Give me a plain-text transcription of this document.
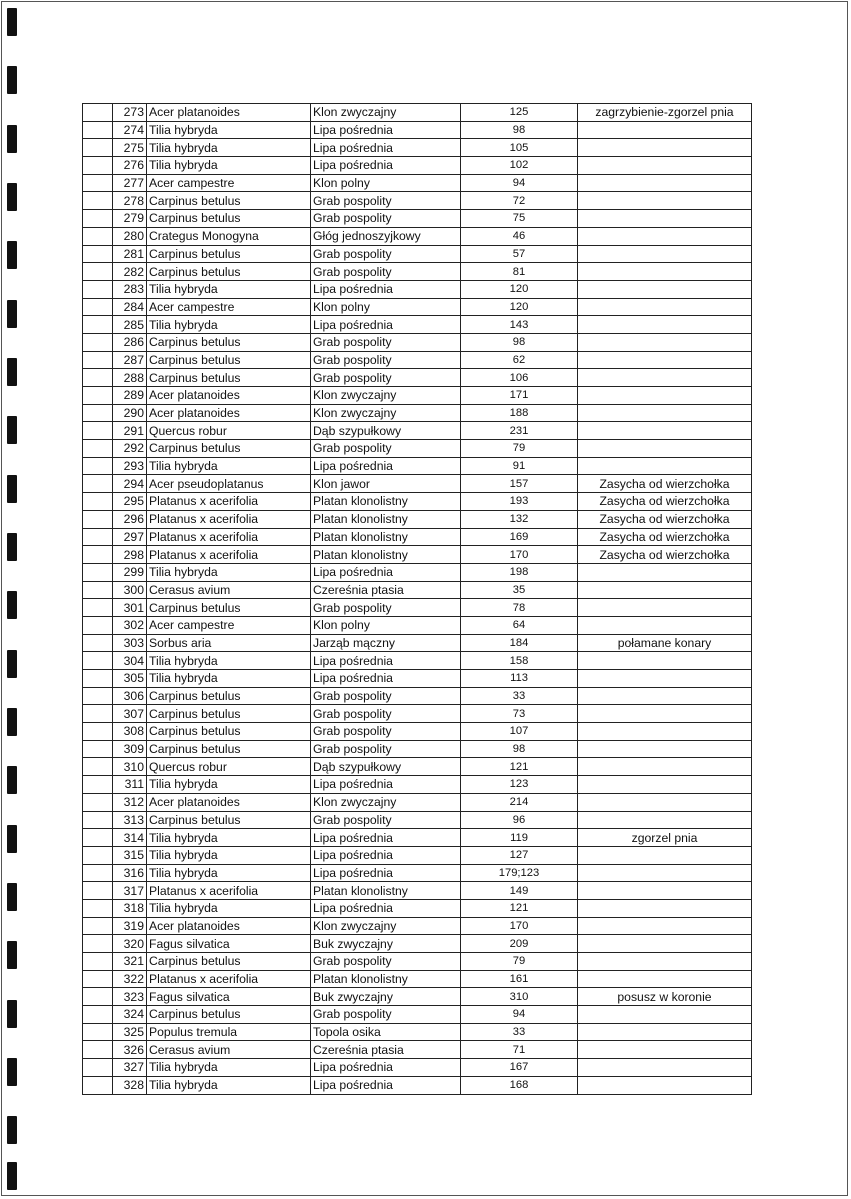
	273	Acer platanoides	Klon zwyczajny	125	zagrzybienie-zgorzel pnia
	274	Tilia hybryda	Lipa pośrednia	98	
	275	Tilia hybryda	Lipa pośrednia	105	
	276	Tilia hybryda	Lipa pośrednia	102	
	277	Acer campestre	Klon polny	94	
	278	Carpinus betulus	Grab pospolity	72	
	279	Carpinus betulus	Grab pospolity	75	
	280	Crategus Monogyna	Głóg jednoszyjkowy	46	
	281	Carpinus betulus	Grab pospolity	57	
	282	Carpinus betulus	Grab pospolity	81	
	283	Tilia hybryda	Lipa pośrednia	120	
	284	Acer campestre	Klon polny	120	
	285	Tilia hybryda	Lipa pośrednia	143	
	286	Carpinus betulus	Grab pospolity	98	
	287	Carpinus betulus	Grab pospolity	62	
	288	Carpinus betulus	Grab pospolity	106	
	289	Acer platanoides	Klon zwyczajny	171	
	290	Acer platanoides	Klon zwyczajny	188	
	291	Quercus robur	Dąb szypułkowy	231	
	292	Carpinus betulus	Grab pospolity	79	
	293	Tilia hybryda	Lipa pośrednia	91	
	294	Acer pseudoplatanus	Klon jawor	157	Zasycha od wierzchołka
	295	Platanus x acerifolia	Platan klonolistny	193	Zasycha od wierzchołka
	296	Platanus x acerifolia	Platan klonolistny	132	Zasycha od wierzchołka
	297	Platanus x acerifolia	Platan klonolistny	169	Zasycha od wierzchołka
	298	Platanus x acerifolia	Platan klonolistny	170	Zasycha od wierzchołka
	299	Tilia hybryda	Lipa pośrednia	198	
	300	Cerasus avium	Czereśnia ptasia	35	
	301	Carpinus betulus	Grab pospolity	78	
	302	Acer campestre	Klon polny	64	
	303	Sorbus aria	Jarząb mączny	184	połamane konary
	304	Tilia hybryda	Lipa pośrednia	158	
	305	Tilia hybryda	Lipa pośrednia	113	
	306	Carpinus betulus	Grab pospolity	33	
	307	Carpinus betulus	Grab pospolity	73	
	308	Carpinus betulus	Grab pospolity	107	
	309	Carpinus betulus	Grab pospolity	98	
	310	Quercus robur	Dąb szypułkowy	121	
	311	Tilia hybryda	Lipa pośrednia	123	
	312	Acer platanoides	Klon zwyczajny	214	
	313	Carpinus betulus	Grab pospolity	96	
	314	Tilia hybryda	Lipa pośrednia	119	zgorzel pnia
	315	Tilia hybryda	Lipa pośrednia	127	
	316	Tilia hybryda	Lipa pośrednia	179;123	
	317	Platanus x acerifolia	Platan klonolistny	149	
	318	Tilia hybryda	Lipa pośrednia	121	
	319	Acer platanoides	Klon zwyczajny	170	
	320	Fagus silvatica	Buk zwyczajny	209	
	321	Carpinus betulus	Grab pospolity	79	
	322	Platanus x acerifolia	Platan klonolistny	161	
	323	Fagus silvatica	Buk zwyczajny	310	posusz w koronie
	324	Carpinus betulus	Grab pospolity	94	
	325	Populus tremula	Topola osika	33	
	326	Cerasus avium	Czereśnia ptasia	71	
	327	Tilia hybryda	Lipa pośrednia	167	
	328	Tilia hybryda	Lipa pośrednia	168	
